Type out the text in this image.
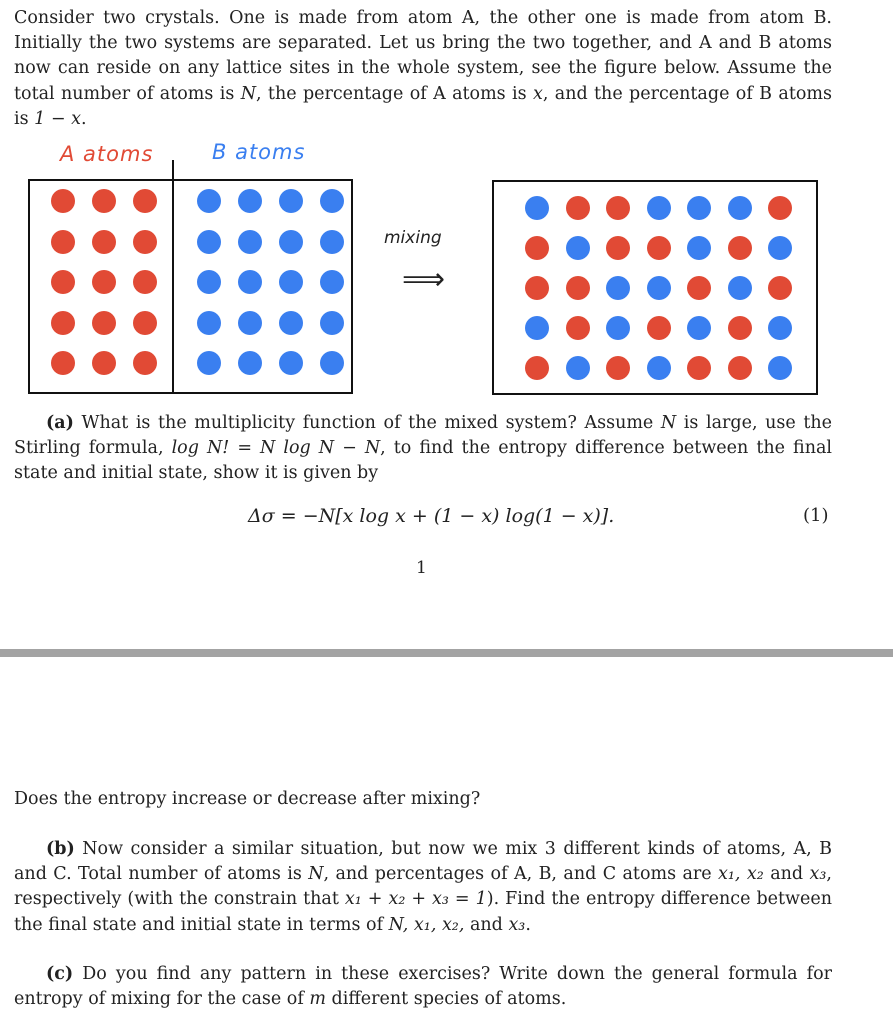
Consider two crystals. One is made from atom A, the other one is made from atom B. Initially the two systems are separated. Let us bring the two together, and A and B atoms now can reside on any lattice sites in the whole system, see the figure below. Assume the total number of atoms is N, the percentage of A atoms is x, and the percentage of B atoms is 1 − x.
A atoms	B atoms
mixing
⟹
(a) What is the multiplicity function of the mixed system? Assume N is large, use the Stirling formula, log N! = N log N − N, to find the entropy difference between the final state and initial state, show it is given by
Δσ = −N[x log x + (1 − x) log(1 − x)].	(1)
1
Does the entropy increase or decrease after mixing?
(b) Now consider a similar situation, but now we mix 3 different kinds of atoms, A, B and C. Total number of atoms is N, and percentages of A, B, and C atoms are x₁, x₂ and x₃, respectively (with the constrain that x₁ + x₂ + x₃ = 1). Find the entropy difference between the final state and initial state in terms of N, x₁, x₂, and x₃.
(c) Do you find any pattern in these exercises? Write down the general formula for entropy of mixing for the case of m different species of atoms.
